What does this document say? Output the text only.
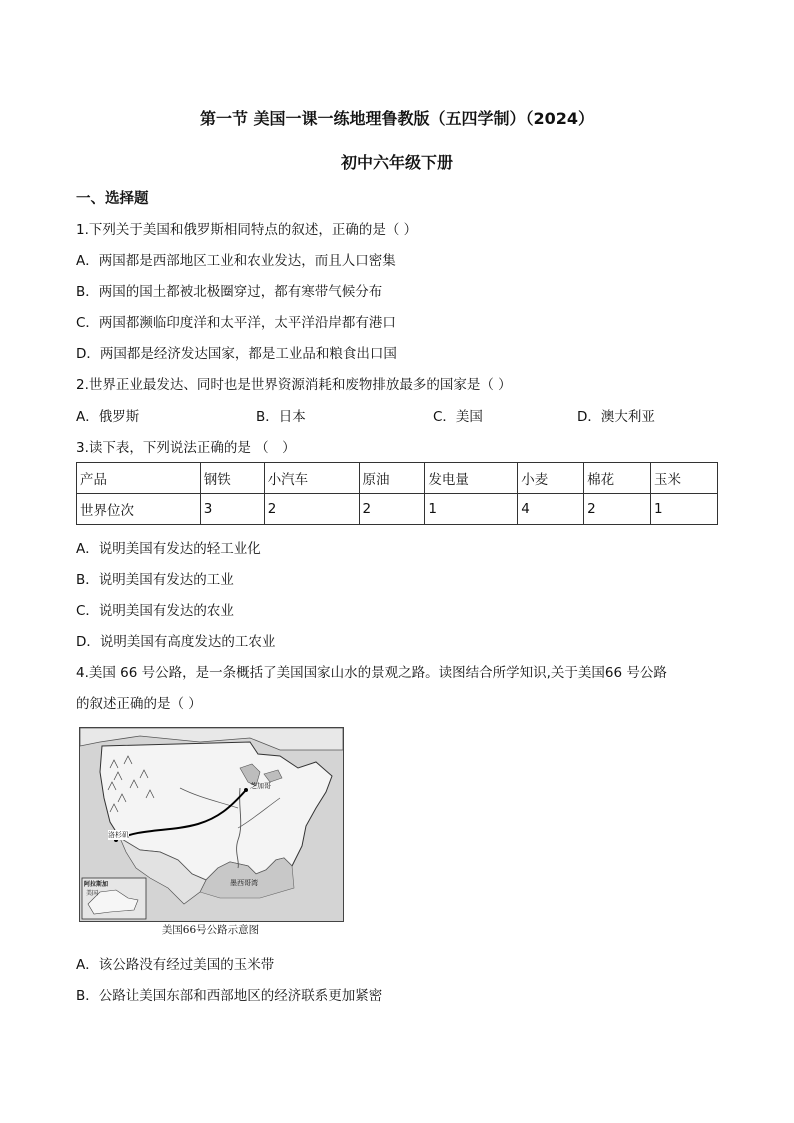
第一节 美国一课一练地理鲁教版（五四学制）（2024）
初中六年级下册
一、选择题
1.下列关于美国和俄罗斯相同特点的叙述，正确的是（ ）
A．两国都是西部地区工业和农业发达，而且人口密集
B．两国的国土都被北极圈穿过，都有寒带气候分布
C．两国都濒临印度洋和太平洋，太平洋沿岸都有港口
D．两国都是经济发达国家，都是工业品和粮食出口国
2.世界正业最发达、同时也是世界资源消耗和废物排放最多的国家是（ ）
A．俄罗斯	B．日本	C．美国	D．澳大利亚
3.读下表，下列说法正确的是 （　）
产品	钢铁	小汽车	原油	发电量	小麦	棉花	玉米
世界位次	3	2	2	1	4	2	1
A．说明美国有发达的轻工业化
B．说明美国有发达的工业
C．说明美国有发达的农业
D．说明美国有高度发达的工农业
4.美国 66 号公路，是一条概括了美国国家山水的景观之路。读图结合所学知识,关于美国66 号公路
的叙述正确的是（ ）
洛杉矶
芝加哥
墨西哥湾
阿拉斯加
美国
美国66号公路示意图
A．该公路没有经过美国的玉米带
B．公路让美国东部和西部地区的经济联系更加紧密
